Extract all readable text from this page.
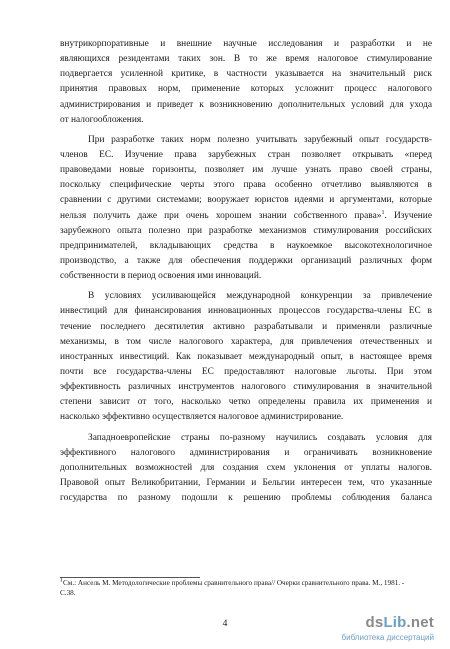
внутрикорпоративные и внешние научные исследования и разработки и не
являющихся резидентами таких зон. В то же время налоговое стимулирование
подвергается усиленной критике, в частности указывается на значительный риск
принятия правовых норм, применение которых усложнит процесс налогового
администрирования и приведет к возникновению дополнительных условий для ухода
от налогообложения.
При разработке таких норм полезно учитывать зарубежный опыт государств-
членов ЕС. Изучение права зарубежных стран позволяет открывать «перед
правоведами новые горизонты, позволяет им лучше узнать право своей страны,
поскольку специфические черты этого права особенно отчетливо выявляются в
сравнении с другими системами; вооружает юристов идеями и аргументами, которые
нельзя получить даже при очень хорошем знании собственного права»$^1$. Изучение
зарубежного опыта полезно при разработке механизмов стимулирования российских
предпринимателей, вкладывающих средства в наукоемкое высокотехнологичное
производство, а также для обеспечения поддержки организаций различных форм
собственности в период освоения ими инноваций.
В условиях усиливающейся международной конкуренции за привлечение
инвестиций для финансирования инновационных процессов государства-члены ЕС в
течение последнего десятилетия активно разрабатывали и применяли различные
механизмы, в том числе налогового характера, для привлечения отечественных и
иностранных инвестиций. Как показывает международный опыт, в настоящее время
почти все государства-члены ЕС предоставляют налоговые льготы. При этом
эффективность различных инструментов налогового стимулирования в значительной
степени зависит от того, насколько четко определены правила их применения и
насколько эффективно осуществляется налоговое администрирование.
Западноевропейские страны по-разному научились создавать условия для
эффективного налогового администрирования и ограничивать возникновение
дополнительных возможностей для создания схем уклонения от уплаты налогов.
Правовой опыт Великобритании, Германии и Бельгии интересен тем, что указанные
государства по разному подошли к решению проблемы соблюдения баланса
$^1$См.: Ансель М. Методологические проблемы сравнительного права// Очерки сравнительного права. М., 1981. -
С.38.
4	dsLib.net
библиотека диссертаций
